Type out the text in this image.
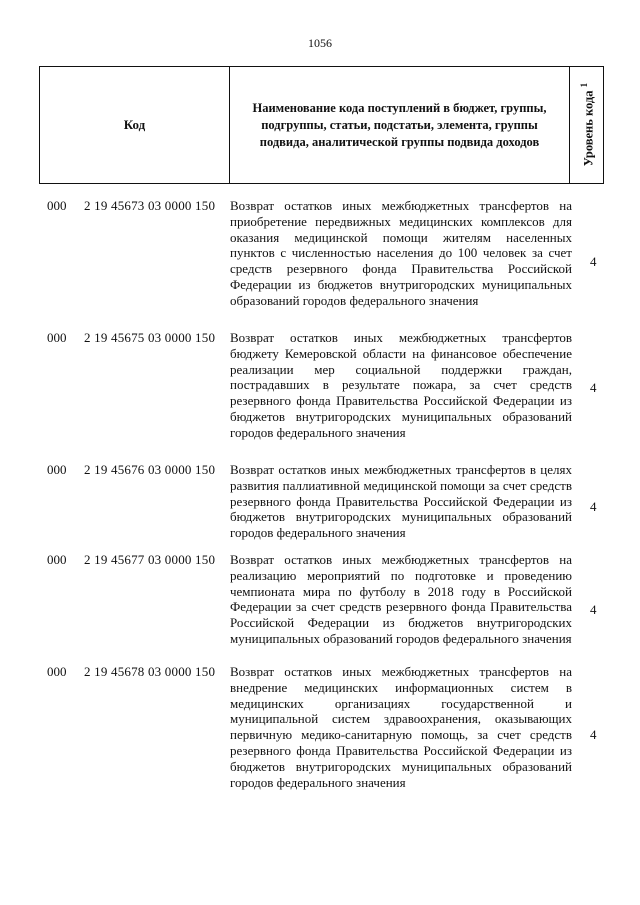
1056
Код
Наименование кода поступлений в бюджет, группы, подгруппы, статьи, подстатьи, элемента, группы подвида, аналитической группы подвида доходов	Уровень кода $^1$
000 2 19 45673 03 0000 150 Возврат остатков иных межбюджетных трансфертов на приобретение передвижных медицинских комплексов для оказания медицинской помощи жителям населенных пунктов с численностью населения до 100 человек за счет средств резервного фонда Правительства Российской Федерации из бюджетов внутригородских муниципальных образований городов федерального значения
4
000 2 19 45675 03 0000 150 Возврат остатков иных межбюджетных трансфертов бюджету Кемеровской области на финансовое обеспечение реализации мер социальной поддержки граждан, пострадавших в результате пожара, за счет средств резервного фонда Правительства Российской Федерации из бюджетов внутригородских муниципальных образований городов федерального значения
4
000 2 19 45676 03 0000 150 Возврат остатков иных межбюджетных трансфертов в целях развития паллиативной медицинской помощи за счет средств резервного фонда Правительства Российской Федерации из бюджетов внутригородских муниципальных образований городов федерального значения
4
000 2 19 45677 03 0000 150 Возврат остатков иных межбюджетных трансфертов на реализацию мероприятий по подготовке и проведению чемпионата мира по футболу в 2018 году в Российской Федерации за счет средств резервного фонда Правительства Российской Федерации из бюджетов внутригородских муниципальных образований городов федерального значения
4
000 2 19 45678 03 0000 150 Возврат остатков иных межбюджетных трансфертов на внедрение медицинских информационных систем в медицинских организациях государственной и муниципальной систем здравоохранения, оказывающих первичную медико-санитарную помощь, за счет средств резервного фонда Правительства Российской Федерации из бюджетов внутригородских муниципальных образований городов федерального значения
4
